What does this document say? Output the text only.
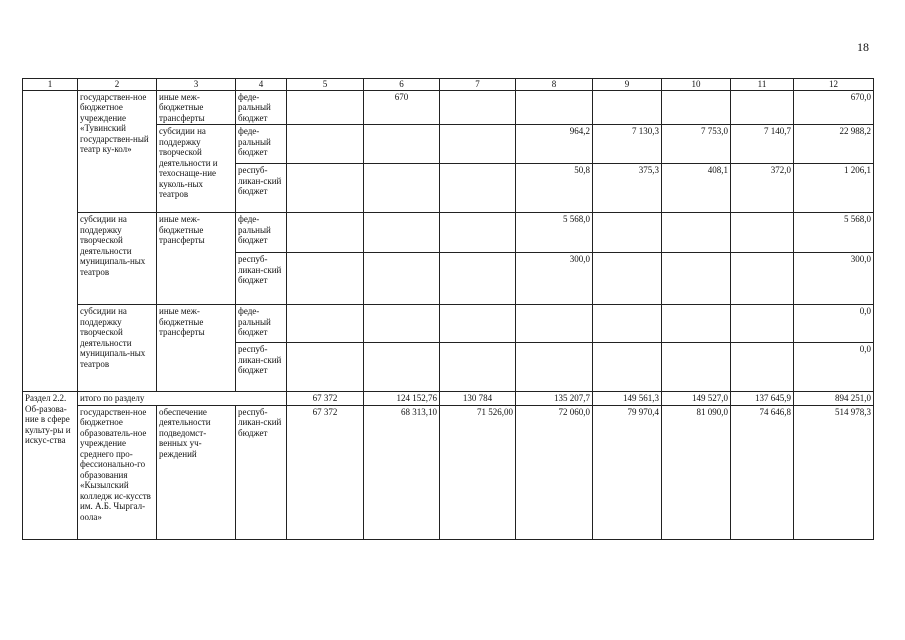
18
1	2	3	4	5	6	7	8	9	10	11	12
	государствен-ное бюджетное учреждение «Тувинский государствен-ный театр ку-кол»	иные меж-бюджетные трансферты	феде-ральный бюджет		670						670,0
		субсидии на поддержку творческой деятельности и техоснаще-ние куколь-ных театров	феде-ральный бюджет				964,2	7 130,3	7 753,0	7 140,7	22 988,2
			респуб-ликан-ский бюджет				50,8	375,3	408,1	372,0	1 206,1
	субсидии на поддержку творческой деятельности муниципаль-ных театров	иные меж-бюджетные трансферты	феде-ральный бюджет				5 568,0				5 568,0
			респуб-ликан-ский бюджет				300,0				300,0
	субсидии на поддержку творческой деятельности муниципаль-ных театров	иные меж-бюджетные трансферты	феде-ральный бюджет								0,0
			респуб-ликан-ский бюджет								0,0
Раздел 2.2. Об-разова-ние в сфере культу-ры и искус-ства	итого по разделу			67 372	124 152,76	130 784	135 207,7	149 561,3	149 527,0	137 645,9	894 251,0
	государствен-ное бюджетное образователь-ное учреждение среднего про-фессионально-го образования «Кызылский колледж ис-кусств им. А.Б. Чыргал-оола»	обеспечение деятельности подведомст-венных уч-реждений	респуб-ликан-ский бюджет	67 372	68 313,10	71 526,00	72 060,0	79 970,4	81 090,0	74 646,8	514 978,3
